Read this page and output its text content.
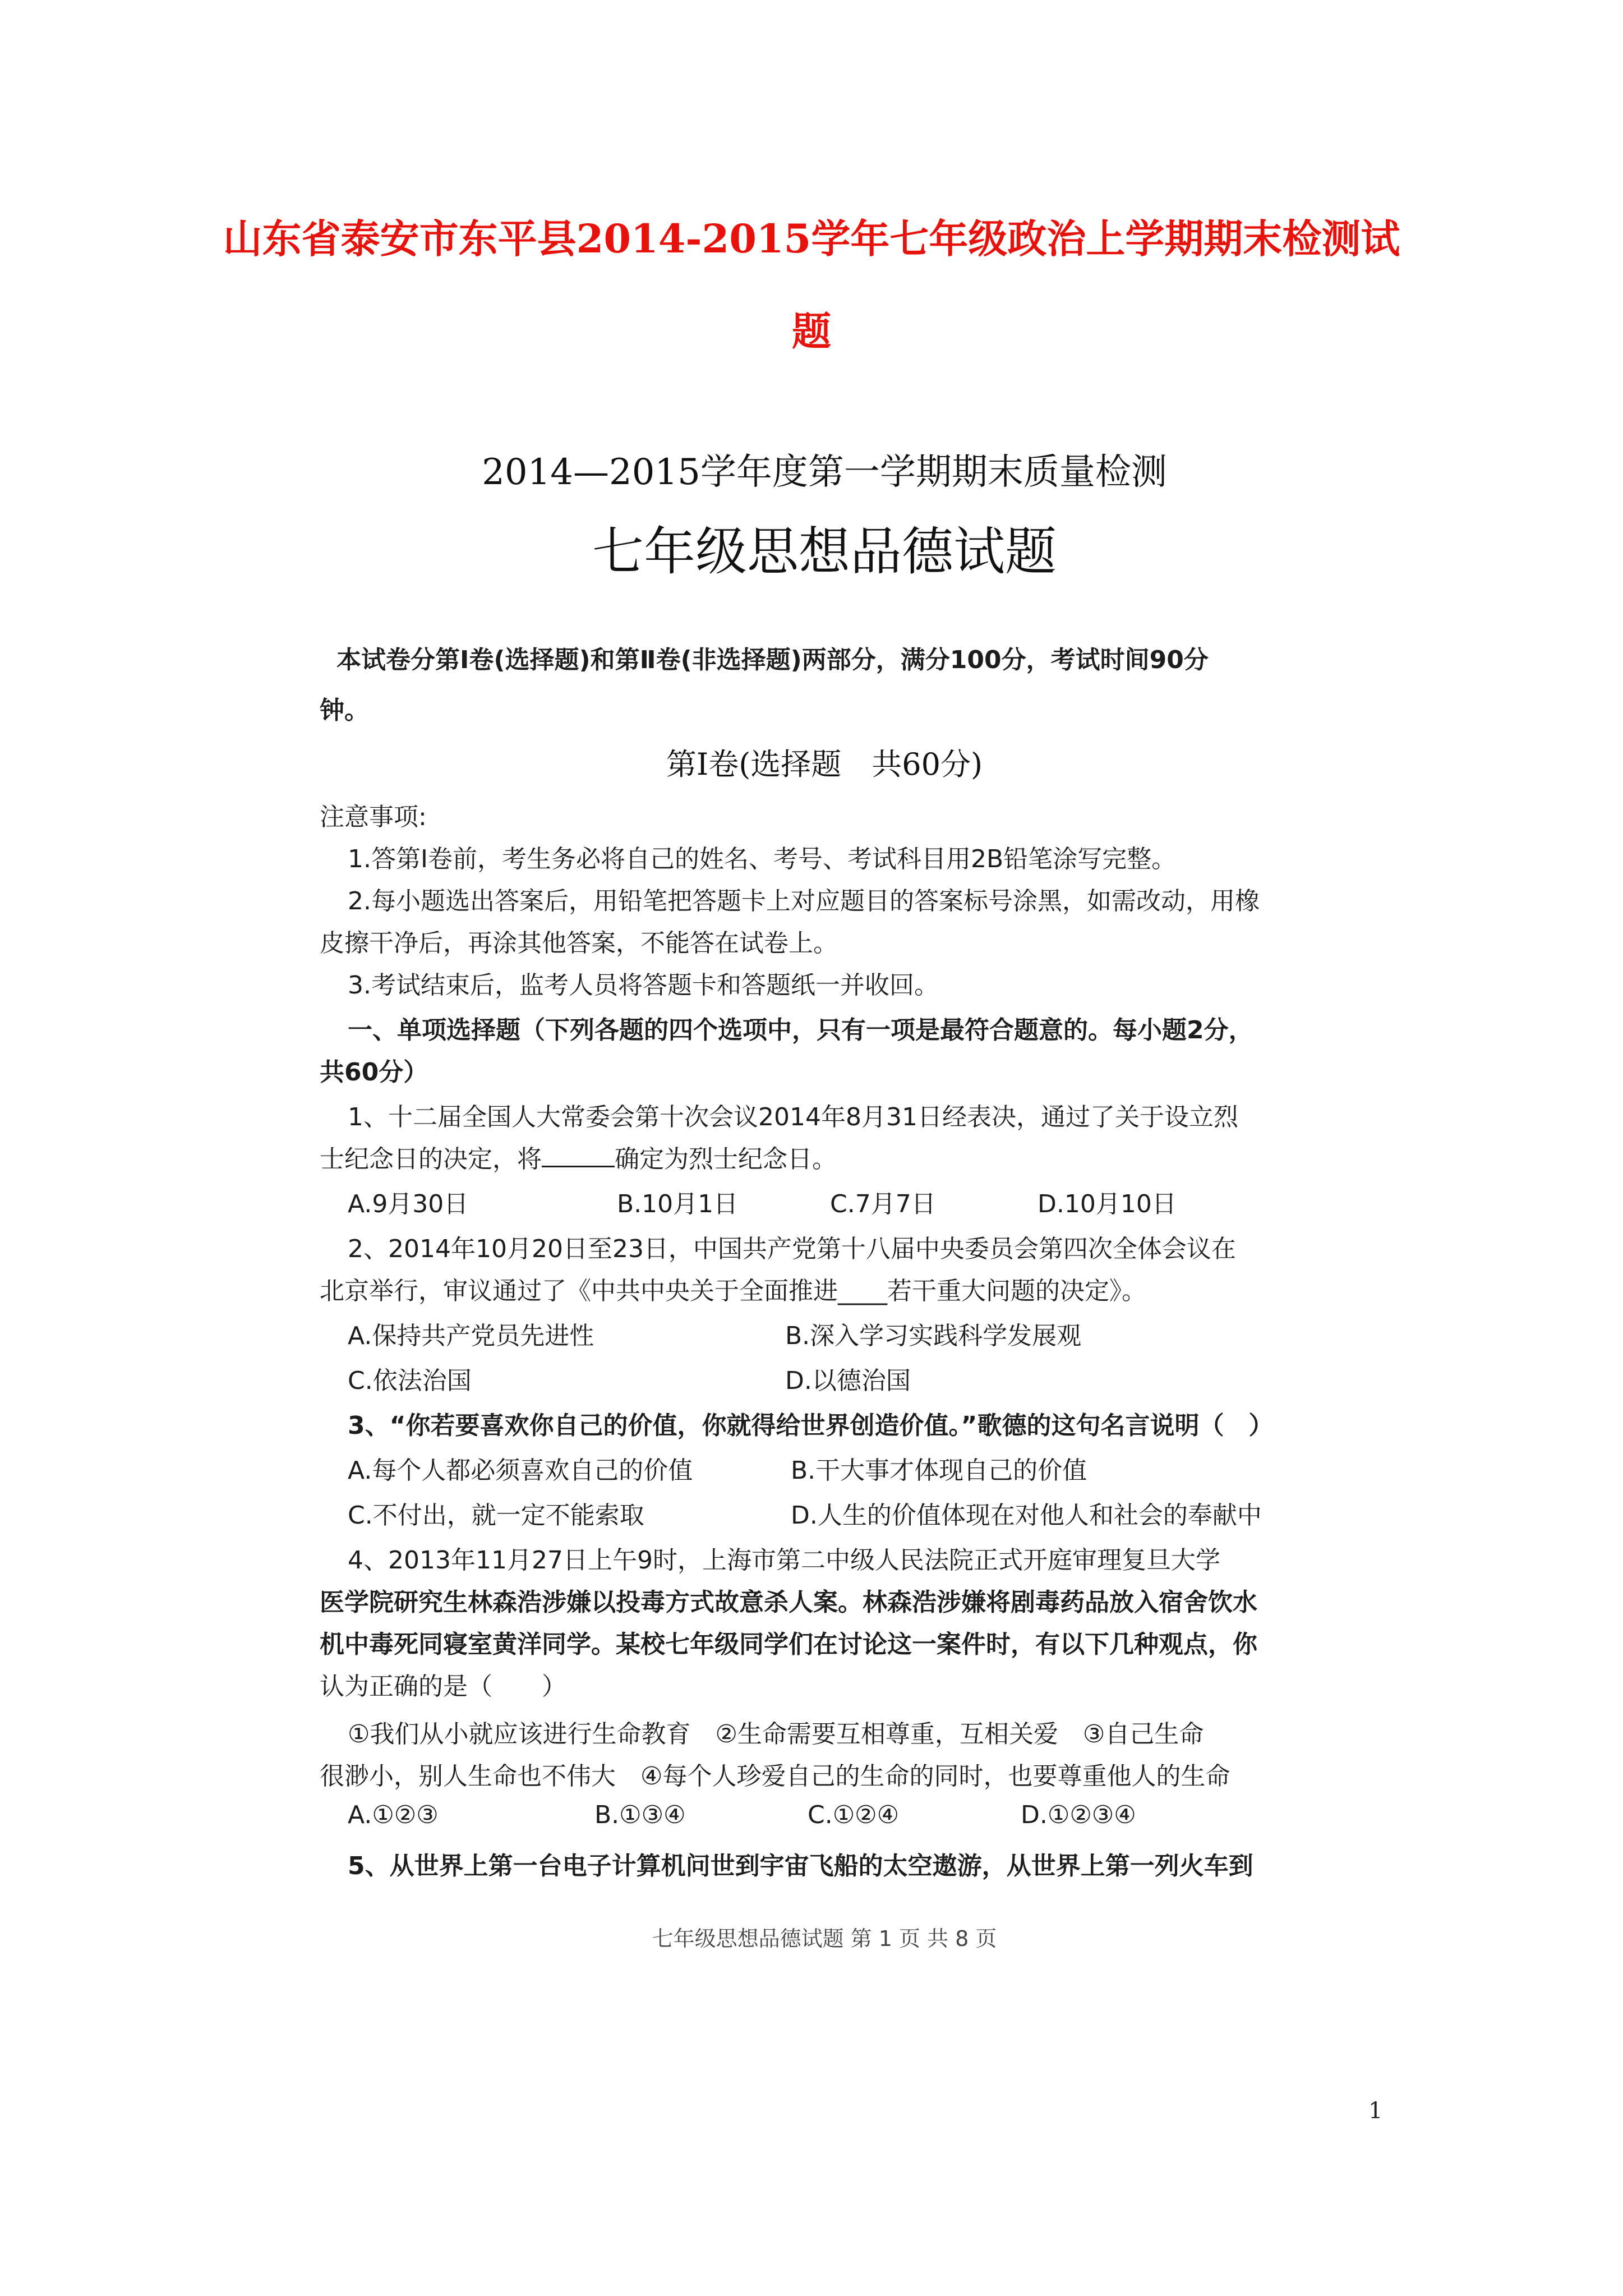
山东省泰安市东平县2014-2015学年七年级政治上学期期末检测试
题
2014—2015学年度第一学期期末质量检测
七年级思想品德试题
本试卷分第Ⅰ卷(选择题)和第Ⅱ卷(非选择题)两部分，满分100分，考试时间90分
钟。
第Ⅰ卷(选择题　共60分)
注意事项:
1.答第Ⅰ卷前，考生务必将自己的姓名、考号、考试科目用2B铅笔涂写完整。
2.每小题选出答案后，用铅笔把答题卡上对应题目的答案标号涂黑，如需改动，用橡
皮擦干净后，再涂其他答案，不能答在试卷上。
3.考试结束后，监考人员将答题卡和答题纸一并收回。
一、单项选择题（下列各题的四个选项中，只有一项是最符合题意的。每小题2分，
共60分）
1、十二届全国人大常委会第十次会议2014年8月31日经表决，通过了关于设立烈
士纪念日的决定，将	确定为烈士纪念日。
A.9月30日	B.10月1日	C.7月7日	D.10月10日
2、2014年10月20日至23日，中国共产党第十八届中央委员会第四次全体会议在
北京举行，审议通过了《中共中央关于全面推进____若干重大问题的决定》。
A.保持共产党员先进性	B.深入学习实践科学发展观
C.依法治国	D.以德治国
3、“你若要喜欢你自己的价值，你就得给世界创造价值。”歌德的这句名言说明（　）
A.每个人都必须喜欢自己的价值	B.干大事才体现自己的价值
C.不付出，就一定不能索取	D.人生的价值体现在对他人和社会的奉献中
4、2013年11月27日上午9时，上海市第二中级人民法院正式开庭审理复旦大学
医学院研究生林森浩涉嫌以投毒方式故意杀人案。林森浩涉嫌将剧毒药品放入宿舍饮水
机中毒死同寝室黄洋同学。某校七年级同学们在讨论这一案件时，有以下几种观点，你
认为正确的是（　　）
①我们从小就应该进行生命教育　②生命需要互相尊重，互相关爱　③自己生命
很渺小，别人生命也不伟大　④每个人珍爱自己的生命的同时，也要尊重他人的生命
A.①②③	B.①③④	C.①②④	D.①②③④
5、从世界上第一台电子计算机问世到宇宙飞船的太空遨游，从世界上第一列火车到
七年级思想品德试题 第 1 页 共 8 页
1
